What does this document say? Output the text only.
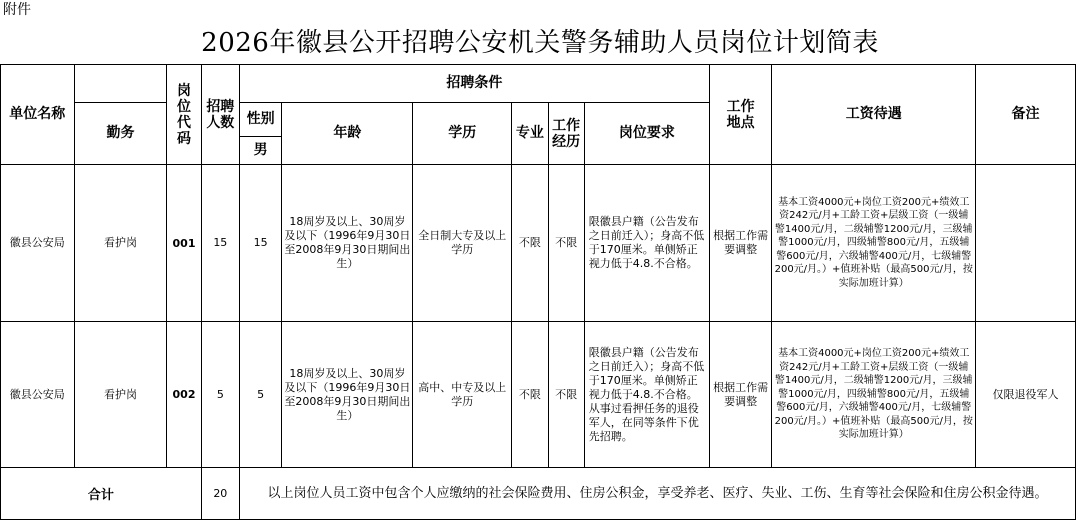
附件
2026年徽县公开招聘公安机关警务辅助人员岗位计划简表
单位名称		岗位代码	招聘人数	招聘条件						工作地点	工资待遇	备注
	勤务			性别	年龄	学历	专业	工作经历	岗位要求			
				男								
徽县公安局	看护岗	001	15	15	18周岁及以上、30周岁及以下（1996年9月30日至2008年9月30日期间出生）	全日制大专及以上学历	不限	不限	限徽县户籍（公告发布之日前迁入）；身高不低于170厘米。单侧矫正视力低于4.8.不合格。	根据工作需要调整	基本工资4000元+岗位工资200元+绩效工资242元/月+工龄工资+层级工资（一级辅警1400元/月，二级辅警1200元/月，三级辅警1000元/月，四级辅警800元/月，五级辅警600元/月，六级辅警400元/月，七级辅警200元/月。）+值班补贴（最高500元/月，按实际加班计算）	
徽县公安局	看护岗	002	5	5	18周岁及以上、30周岁及以下（1996年9月30日至2008年9月30日期间出生）	高中、中专及以上学历	不限	不限	限徽县户籍（公告发布之日前迁入）；身高不低于170厘米。单侧矫正视力低于4.8.不合格。从事过看押任务的退役军人，在同等条件下优先招聘。	根据工作需要调整	基本工资4000元+岗位工资200元+绩效工资242元/月+工龄工资+层级工资（一级辅警1400元/月，二级辅警1200元/月，三级辅警1000元/月，四级辅警800元/月，五级辅警600元/月，六级辅警400元/月，七级辅警200元/月。）+值班补贴（最高500元/月，按实际加班计算）	仅限退役军人
合计			20	以上岗位人员工资中包含个人应缴纳的社会保险费用、住房公积金，享受养老、医疗、失业、工伤、生育等社会保险和住房公积金待遇。								
